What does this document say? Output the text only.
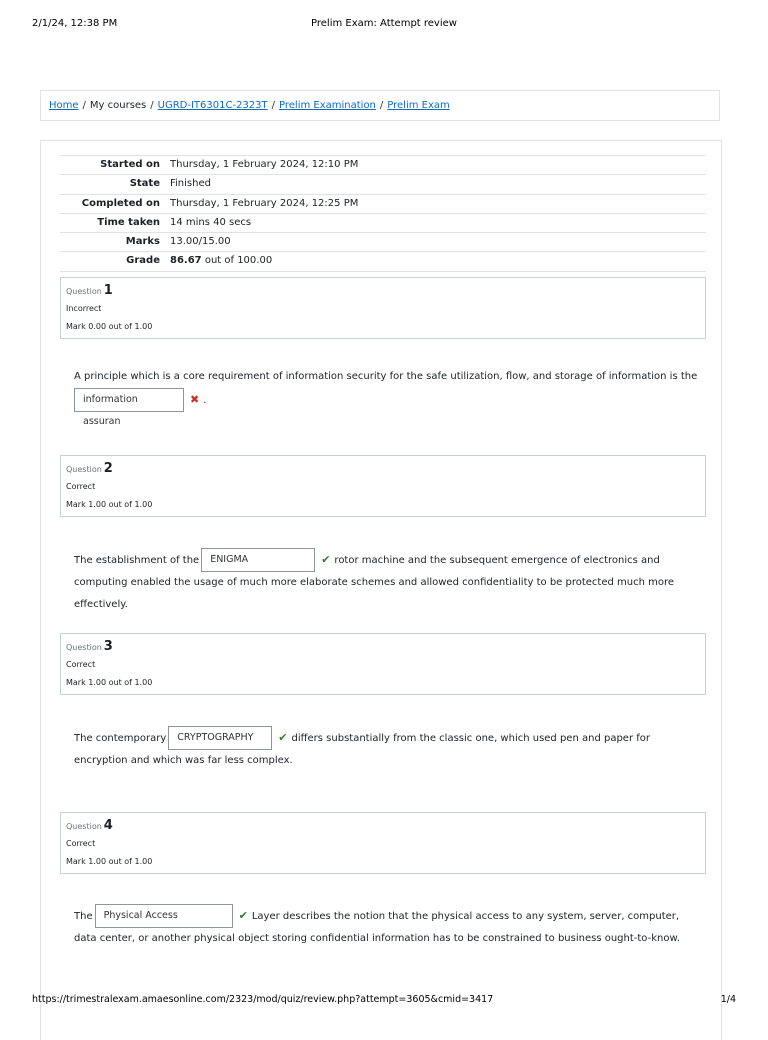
2/1/24, 12:38 PM	Prelim Exam: Attempt review
Home / My courses / UGRD-IT6301C-2323T / Prelim Examination / Prelim Exam
Started on Thursday, 1 February 2024, 12:10 PM
State Finished
Completed on Thursday, 1 February 2024, 12:25 PM
Time taken 14 mins 40 secs
Marks 13.00/15.00
Grade 86.67 out of 100.00
Question 1
Incorrect
Mark 0.00 out of 1.00
A principle which is a core requirement of information security for the safe utilization, flow, and storage of information is the
information assuran✖ .
Question 2
Correct
Mark 1.00 out of 1.00
The establishment of the ENIGMA	✔ rotor machine and the subsequent emergence of electronics and computing enabled the usage of much more elaborate schemes and allowed confidentiality to be protected much more effectively.
Question 3
Correct
Mark 1.00 out of 1.00
The contemporary CRYPTOGRAPHY ✔ differs substantially from the classic one, which used pen and paper for encryption and which was far less complex.
Question 4
Correct
Mark 1.00 out of 1.00
The Physical Access	✔ Layer describes the notion that the physical access to any system, server, computer, data center, or another physical object storing confidential information has to be constrained to business ought-to-know.
https://trimestralexam.amaesonline.com/2323/mod/quiz/review.php?attempt=3605&cmid=3417	1/4
